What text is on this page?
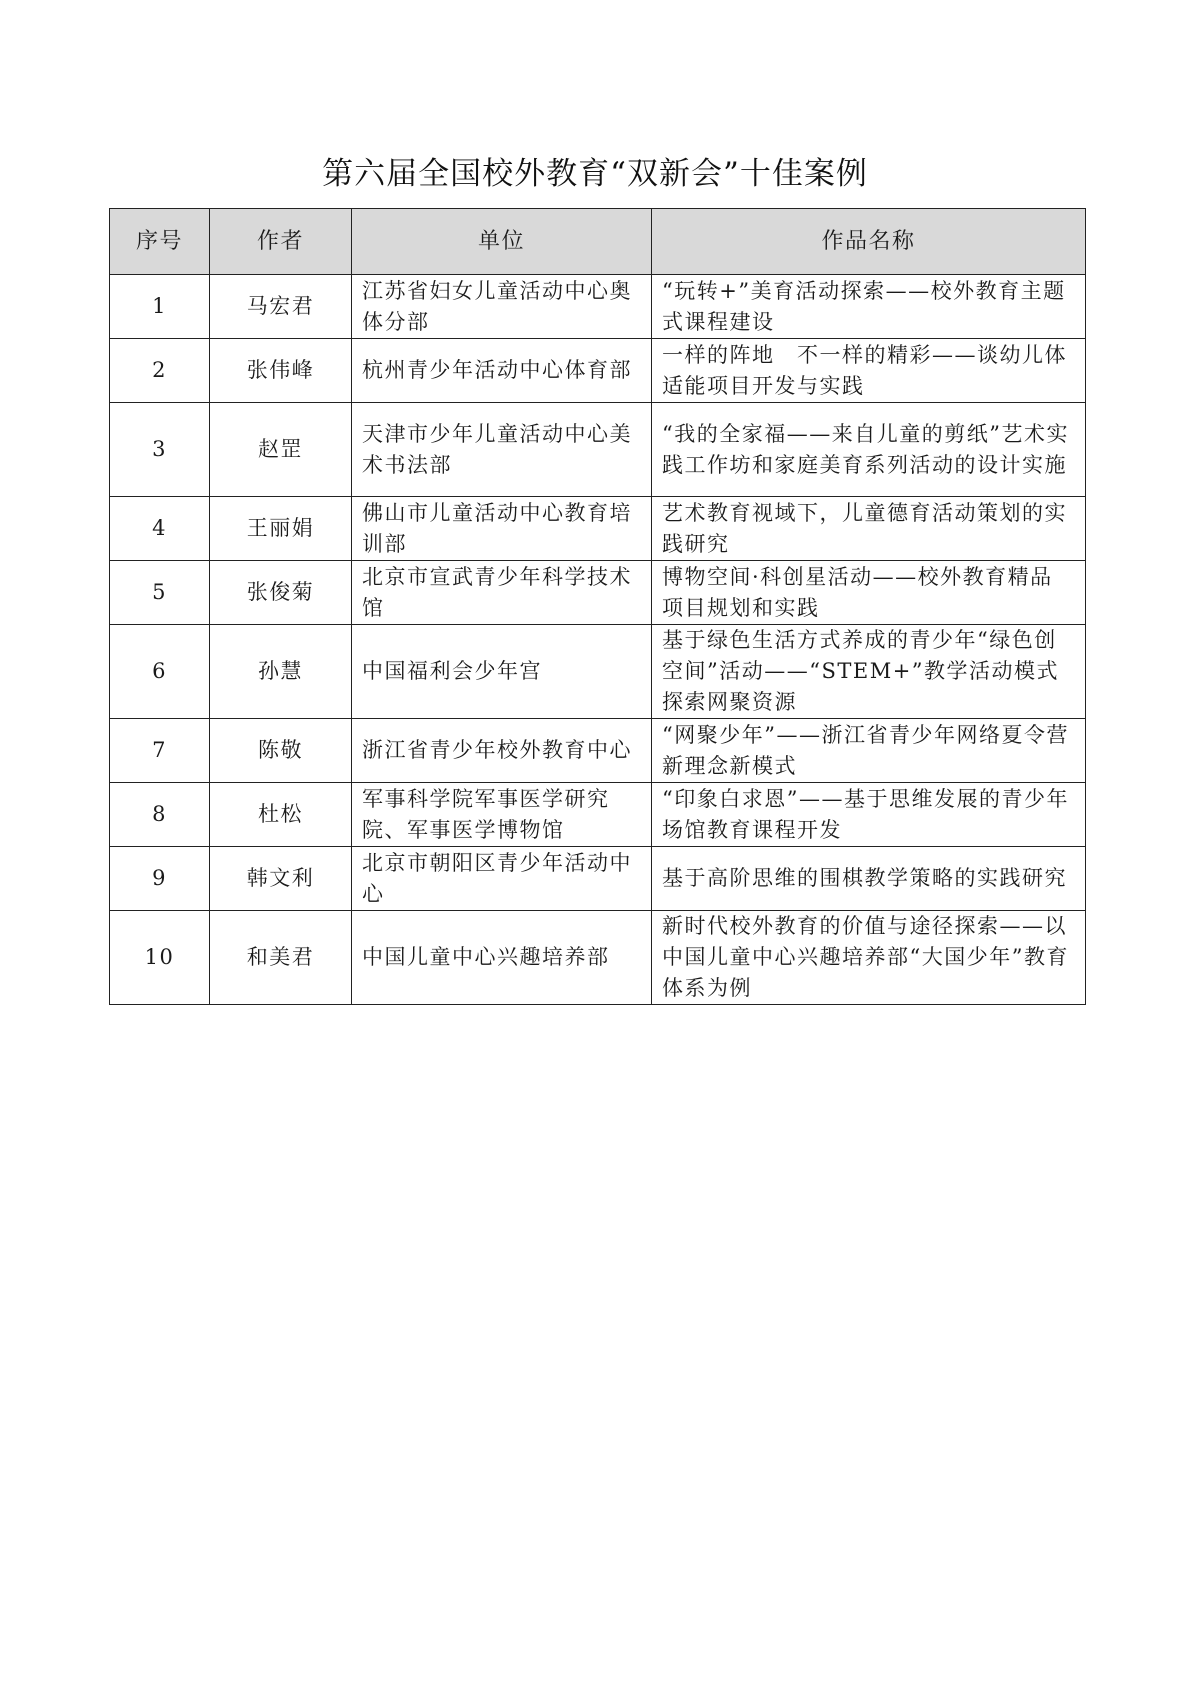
第六届全国校外教育“双新会”十佳案例
序号	作者	单位	作品名称
1	马宏君	江苏省妇女儿童活动中心奥体分部	“玩转+”美育活动探索——校外教育主题式课程建设
2	张伟峰	杭州青少年活动中心体育部	一样的阵地　不一样的精彩——谈幼儿体适能项目开发与实践
3	赵罡	天津市少年儿童活动中心美术书法部	“我的全家福——来自儿童的剪纸”艺术实践工作坊和家庭美育系列活动的设计实施
4	王丽娟	佛山市儿童活动中心教育培训部	艺术教育视域下，儿童德育活动策划的实践研究
5	张俊菊	北京市宣武青少年科学技术馆	博物空间·科创星活动——校外教育精品项目规划和实践
6	孙慧	中国福利会少年宫	基于绿色生活方式养成的青少年“绿色创空间”活动——“STEM+”教学活动模式探索网聚资源
7	陈敬	浙江省青少年校外教育中心	“网聚少年”——浙江省青少年网络夏令营新理念新模式
8	杜松	军事科学院军事医学研究院、军事医学博物馆	“印象白求恩”——基于思维发展的青少年场馆教育课程开发
9	韩文利	北京市朝阳区青少年活动中心	基于高阶思维的围棋教学策略的实践研究
10	和美君	中国儿童中心兴趣培养部	新时代校外教育的价值与途径探索——以中国儿童中心兴趣培养部“大国少年”教育体系为例
